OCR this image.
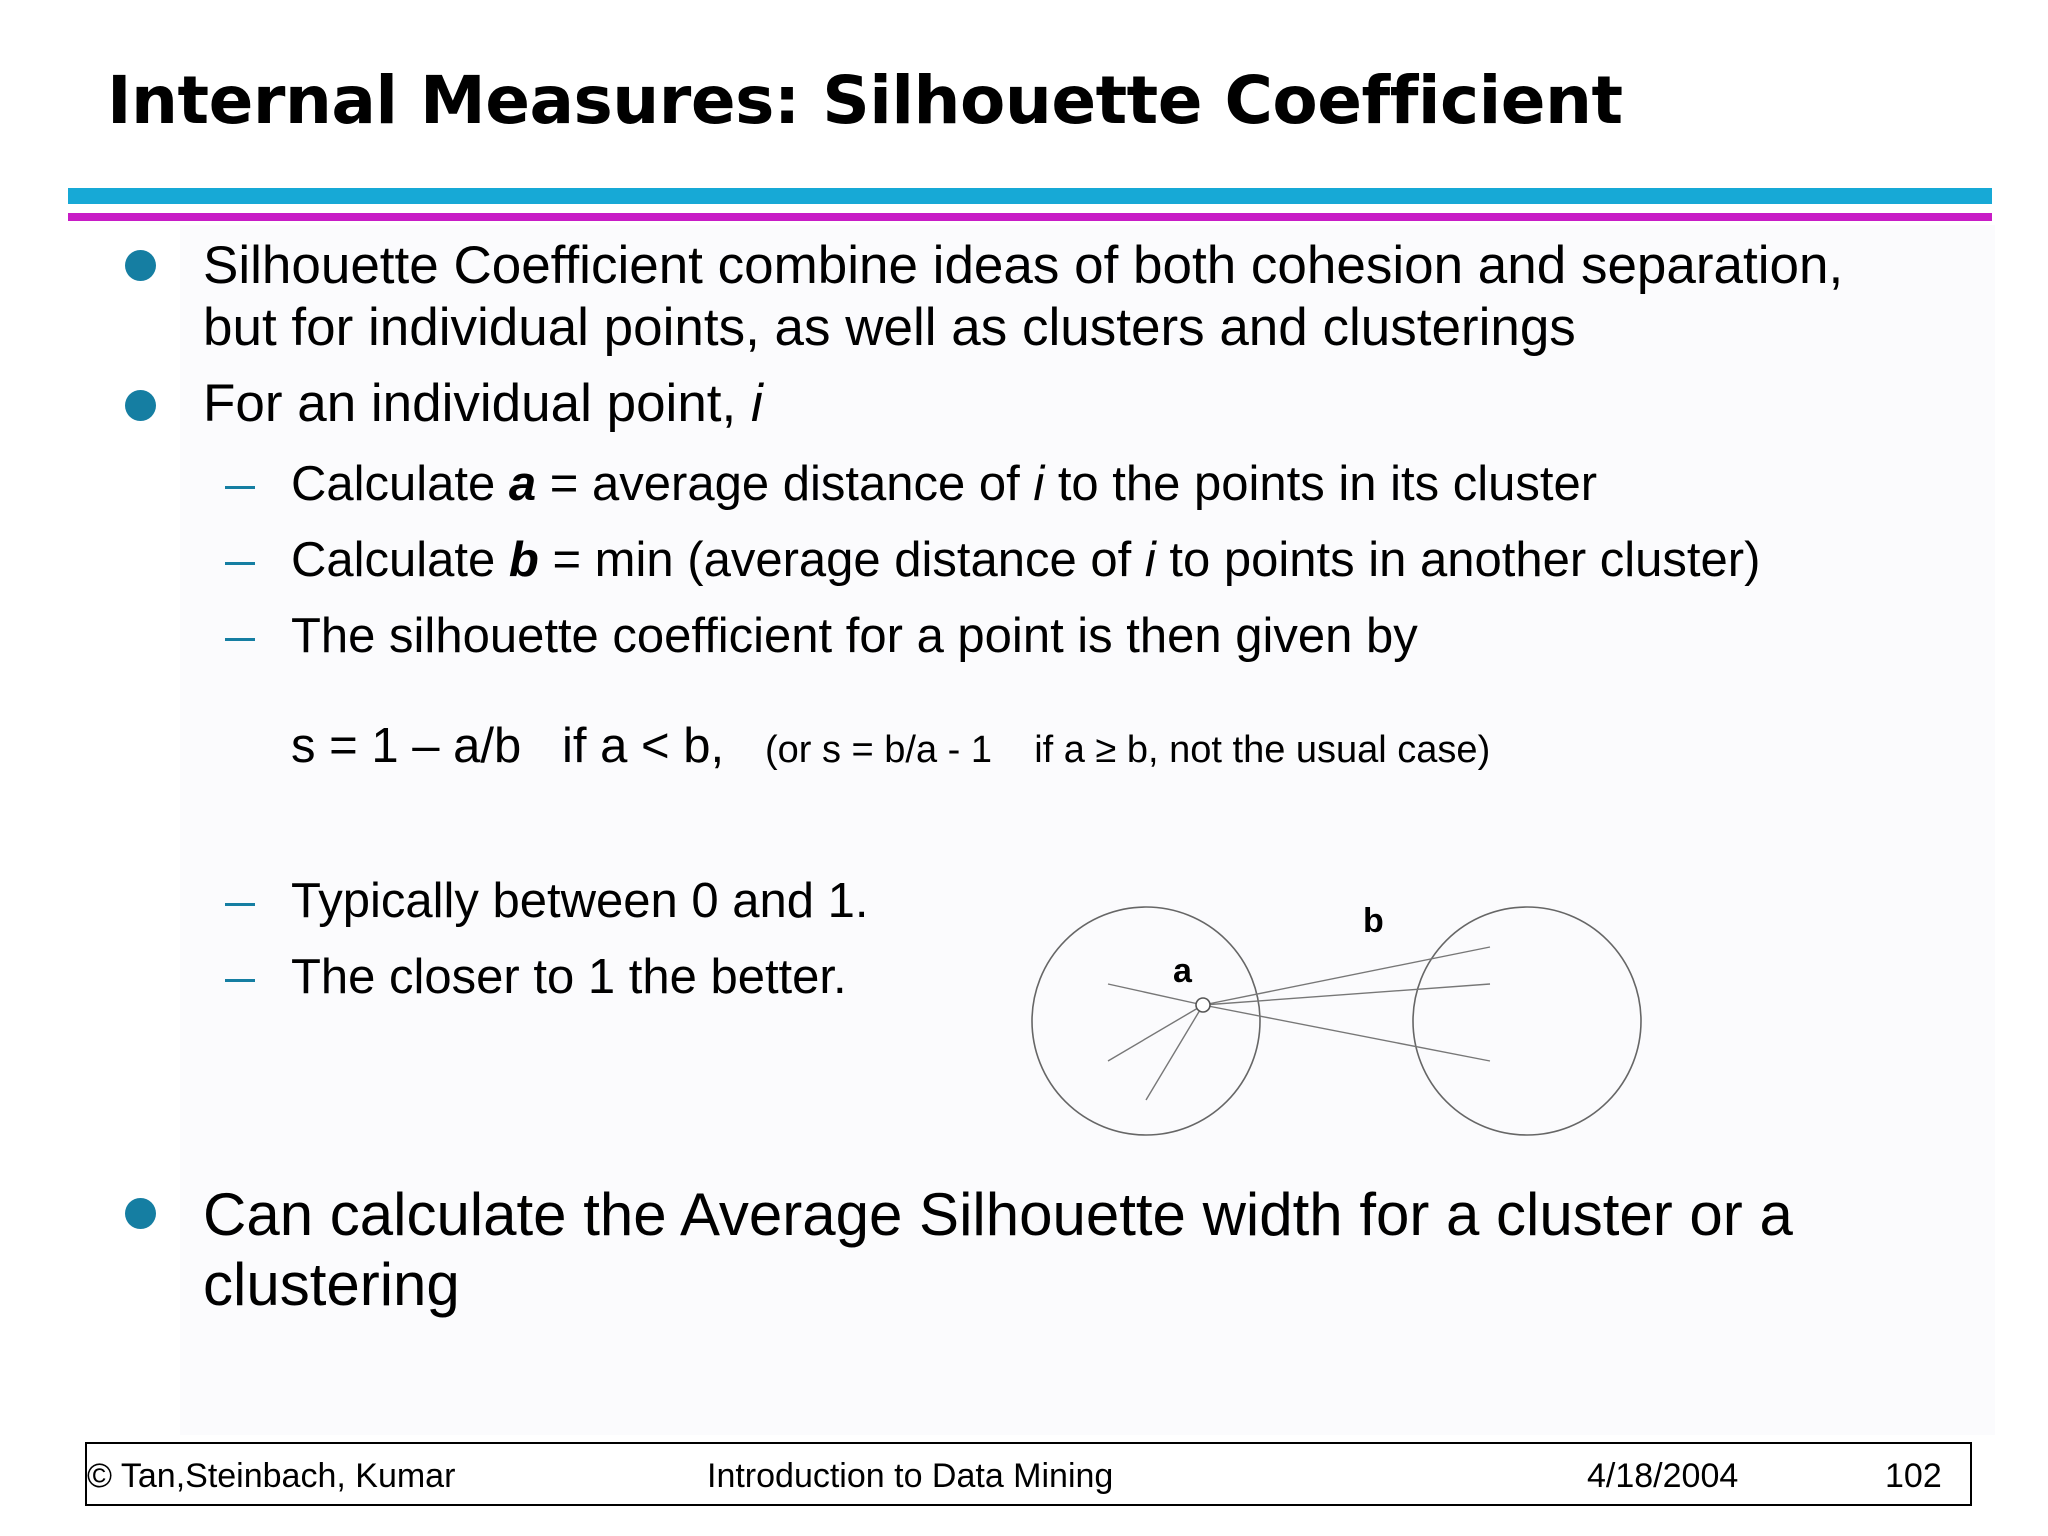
Internal Measures: Silhouette Coefficient
Silhouette Coefficient combine ideas of both cohesion and separation,
but for individual points, as well as clusters and clusterings
For an individual point, i
Calculate a = average distance of i to the points in its cluster
Calculate b = min (average distance of i to points in another cluster)
The silhouette coefficient for a point is then given by
s = 1 – a/b   if a < b, (or s = b/a - 1    if a ≥ b, not the usual case)
Typically between 0 and 1.
The closer to 1 the better.	a
b
Can calculate the Average Silhouette width for a cluster or a
clustering
© Tan,Steinbach, Kumar	Introduction to Data Mining	4/18/2004	102
